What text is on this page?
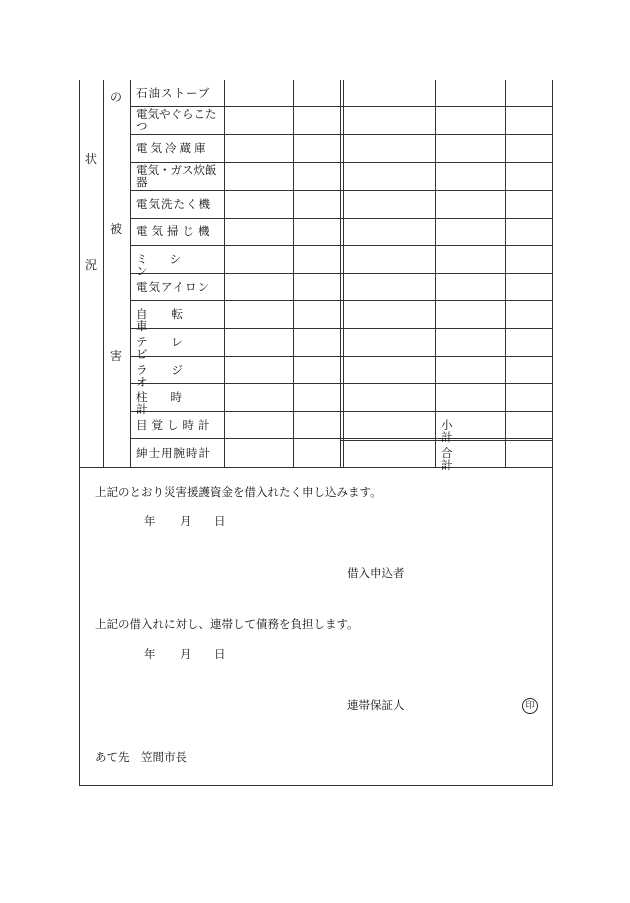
状
況
の
被
害
石油ストーブ
電気やぐらこたつ
電気冷蔵庫
電気・ガス炊飯器
電気洗たく機
電気掃じ機
ミシン
電気アイロン
自転車
テレビ
ラジオ
柱時計
目覚し時計
紳士用腕時計
小　計
合　計
上記のとおり災害援護資金を借入れたく申し込みます。
年 月 日
借入申込者
上記の借入れに対し、連帯して債務を負担します。
年 月 日
連帯保証人	印
あて先　笠間市長
